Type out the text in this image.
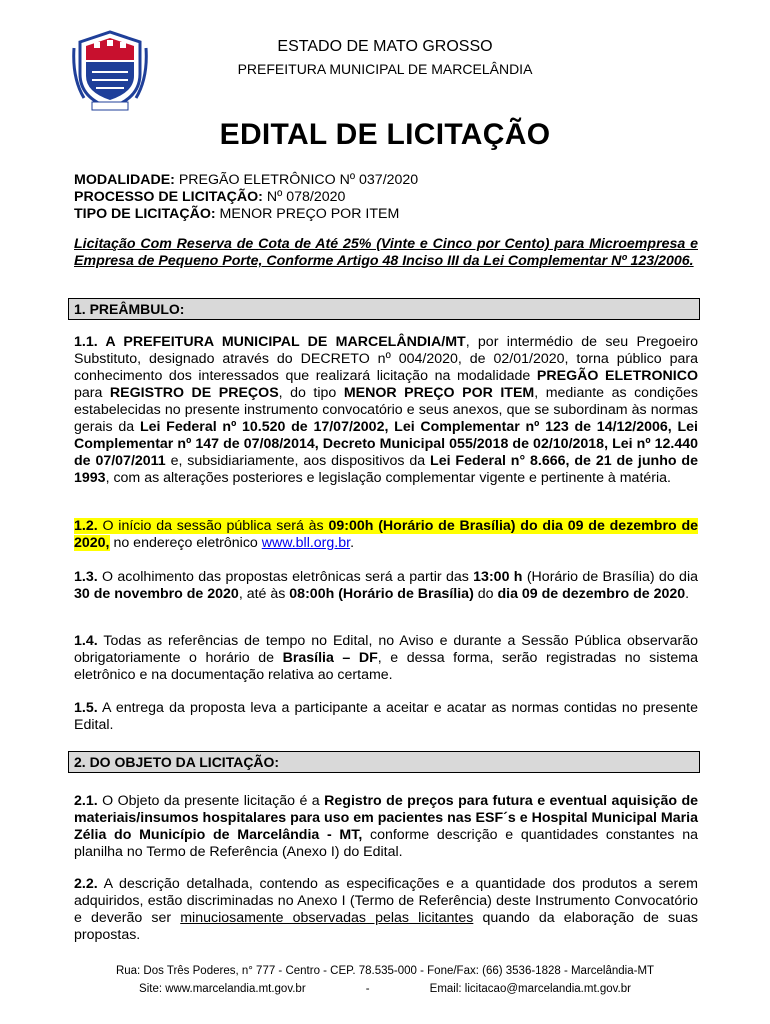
ESTADO DE MATO GROSSO
PREFEITURA MUNICIPAL DE MARCELÂNDIA
EDITAL DE LICITAÇÃO
MODALIDADE: PREGÃO ELETRÔNICO Nº 037/2020
PROCESSO DE LICITAÇÃO: Nº 078/2020
TIPO DE LICITAÇÃO: MENOR PREÇO POR ITEM
Licitação Com Reserva de Cota de Até 25% (Vinte e Cinco por Cento) para Microempresa e Empresa de Pequeno Porte, Conforme Artigo 48 Inciso III da Lei Complementar Nº 123/2006.
1. PREÂMBULO:
1.1. A PREFEITURA MUNICIPAL DE MARCELÂNDIA/MT, por intermédio de seu Pregoeiro Substituto, designado através do DECRETO nº 004/2020, de 02/01/2020, torna público para conhecimento dos interessados que realizará licitação na modalidade PREGÃO ELETRONICO para REGISTRO DE PREÇOS, do tipo MENOR PREÇO POR ITEM, mediante as condições estabelecidas no presente instrumento convocatório e seus anexos, que se subordinam às normas gerais da Lei Federal nº 10.520 de 17/07/2002, Lei Complementar nº 123 de 14/12/2006, Lei Complementar nº 147 de 07/08/2014, Decreto Municipal 055/2018 de 02/10/2018, Lei nº 12.440 de 07/07/2011 e, subsidiariamente, aos dispositivos da Lei Federal n° 8.666, de 21 de junho de 1993, com as alterações posteriores e legislação complementar vigente e pertinente à matéria.
1.2. O início da sessão pública será às 09:00h (Horário de Brasília) do dia 09 de dezembro de 2020, no endereço eletrônico www.bll.org.br.
1.3. O acolhimento das propostas eletrônicas será a partir das 13:00 h (Horário de Brasília) do dia 30 de novembro de 2020, até às 08:00h (Horário de Brasília) do dia 09 de dezembro de 2020.
1.4. Todas as referências de tempo no Edital, no Aviso e durante a Sessão Pública observarão obrigatoriamente o horário de Brasília – DF, e dessa forma, serão registradas no sistema eletrônico e na documentação relativa ao certame.
1.5. A entrega da proposta leva a participante a aceitar e acatar as normas contidas no presente Edital.
2. DO OBJETO DA LICITAÇÃO:
2.1. O Objeto da presente licitação é a Registro de preços para futura e eventual aquisição de materiais/insumos hospitalares para uso em pacientes nas ESF´s e Hospital Municipal Maria Zélia do Município de Marcelândia - MT, conforme descrição e quantidades constantes na planilha no Termo de Referência (Anexo I) do Edital.
2.2. A descrição detalhada, contendo as especificações e a quantidade dos produtos a serem adquiridos, estão discriminadas no Anexo I (Termo de Referência) deste Instrumento Convocatório e deverão ser minuciosamente observadas pelas licitantes quando da elaboração de suas propostas.
Rua: Dos Três Poderes, n° 777 - Centro - CEP. 78.535-000 - Fone/Fax: (66) 3536-1828 - Marcelândia-MT
Site: www.marcelandia.mt.gov.br	-	Email: licitacao@marcelandia.mt.gov.br
